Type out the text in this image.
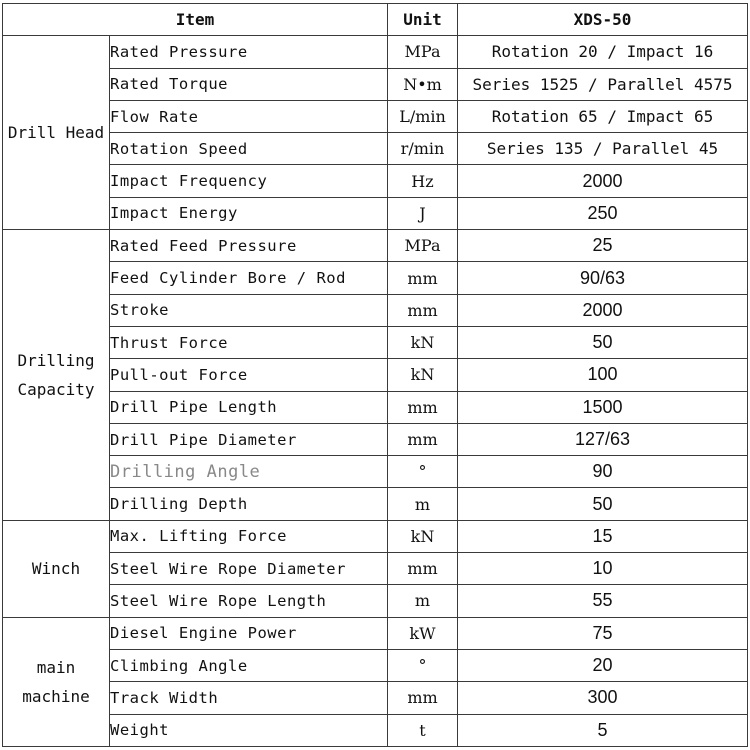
Item		Unit	XDS-50
Drill Head	Rated Pressure	MPa	Rotation 20 / Impact 16
	Rated Torque	N•m	Series 1525 / Parallel 4575
	Flow Rate	L/min	Rotation 65 / Impact 65
	Rotation Speed	r/min	Series 135 / Parallel 45
	Impact Frequency	Hz	2000
	Impact Energy	J	250
Drilling Capacity	Rated Feed Pressure	MPa	25
	Feed Cylinder Bore / Rod	mm	90/63
	Stroke	mm	2000
	Thrust Force	kN	50
	Pull-out Force	kN	100
	Drill Pipe Length	mm	1500
	Drill Pipe Diameter	mm	127/63
	Drilling Angle	°	90
	Drilling Depth	m	50
Winch	Max. Lifting Force	kN	15
	Steel Wire Rope Diameter	mm	10
	Steel Wire Rope Length	m	55
main machine	Diesel Engine Power	kW	75
	Climbing Angle	°	20
	Track Width	mm	300
	Weight	t	5
